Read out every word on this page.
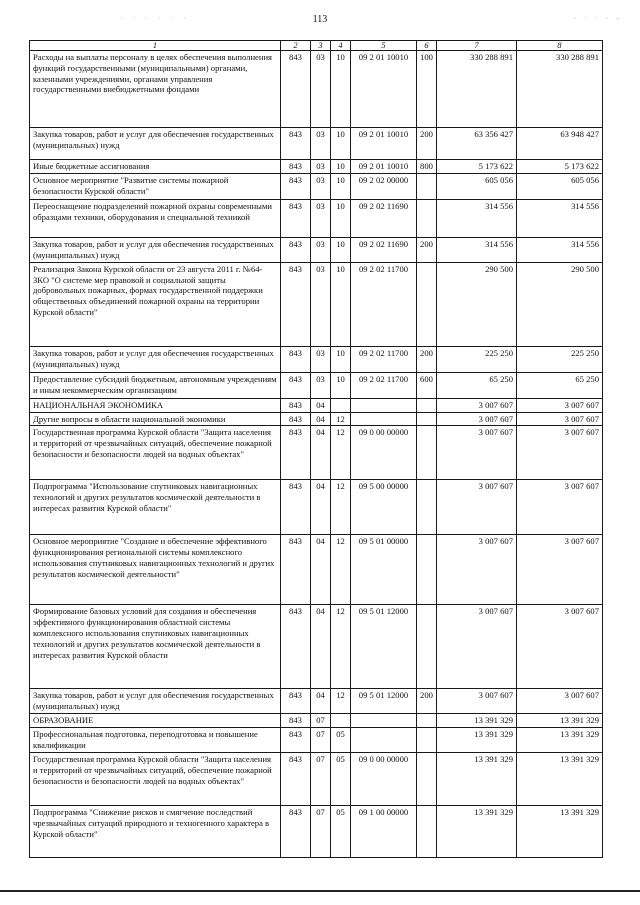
· · · · · ·	113	· · · · -
1	2	3	4	5	6	7	8
Расходы на выплаты персоналу в целях обеспечения выполнения функций государственными (муниципальными) органами, казенными учреждениями, органами управления государственными внебюджетными фондами	843	03	10	09 2 01 10010	100	330 288 891	330 288 891
Закупка товаров, работ и услуг для обеспечения государственных (муниципальных) нужд	843	03	10	09 2 01 10010	200	63 356 427	63 948 427
Иные бюджетные ассигнования	843	03	10	09 2 01 10010	800	5 173 622	5 173 622
Основное мероприятие "Развитие системы пожарной безопасности Курской области"	843	03	10	09 2 02 00000		605 056	605 056
Переоснащение подразделений пожарной охраны современными образцами техники, оборудования и специальной техникой	843	03	10	09 2 02 11690		314 556	314 556
Закупка товаров, работ и услуг для обеспечения государственных (муниципальных) нужд	843	03	10	09 2 02 11690	200	314 556	314 556
Реализация Закона Курской области от 23 августа 2011 г. №64-ЗКО "О системе мер правовой и социальной защиты добровольных пожарных, формах государственной поддержки общественных объединений пожарной охраны на территории Курской области"	843	03	10	09 2 02 11700		290 500	290 500
Закупка товаров, работ и услуг для обеспечения государственных (муниципальных) нужд	843	03	10	09 2 02 11700	200	225 250	225 250
Предоставление субсидий бюджетным, автономным учреждениям и иным некоммерческим организациям	843	03	10	09 2 02 11700	600	65 250	65 250
НАЦИОНАЛЬНАЯ ЭКОНОМИКА	843	04				3 007 607	3 007 607
Другие вопросы в области национальной экономики	843	04	12			3 007 607	3 007 607
Государственная программа Курской области "Защита населения и территорий от чрезвычайных ситуаций, обеспечение пожарной безопасности и безопасности людей на водных объектах"	843	04	12	09 0 00 00000		3 007 607	3 007 607
Подпрограмма "Использование спутниковых навигационных технологий и других результатов космической деятельности в интересах развития Курской области"	843	04	12	09 5 00 00000		3 007 607	3 007 607
Основное мероприятие "Создание и обеспечение эффективного функционирования региональной системы комплексного использования спутниковых навигационных технологий и других результатов космической деятельности"	843	04	12	09 5 01 00000		3 007 607	3 007 607
Формирование базовых условий для создания и обеспечения эффективного функционирования областной системы комплексного использования спутниковых навигационных технологий и других результатов космической деятельности в интересах развития Курской области	843	04	12	09 5 01 12000		3 007 607	3 007 607
Закупка товаров, работ и услуг для обеспечения государственных (муниципальных) нужд	843	04	12	09 5 01 12000	200	3 007 607	3 007 607
ОБРАЗОВАНИЕ	843	07				13 391 329	13 391 329
Профессиональная подготовка, переподготовка и повышение квалификации	843	07	05			13 391 329	13 391 329
Государственная программа Курской области "Защита населения и территорий от чрезвычайных ситуаций, обеспечение пожарной безопасности и безопасности людей на водных объектах"	843	07	05	09 0 00 00000		13 391 329	13 391 329
Подпрограмма "Снижение рисков и смягчение последствий чрезвычайных ситуаций природного и техногенного характера в Курской области"	843	07	05	09 1 00 00000		13 391 329	13 391 329
